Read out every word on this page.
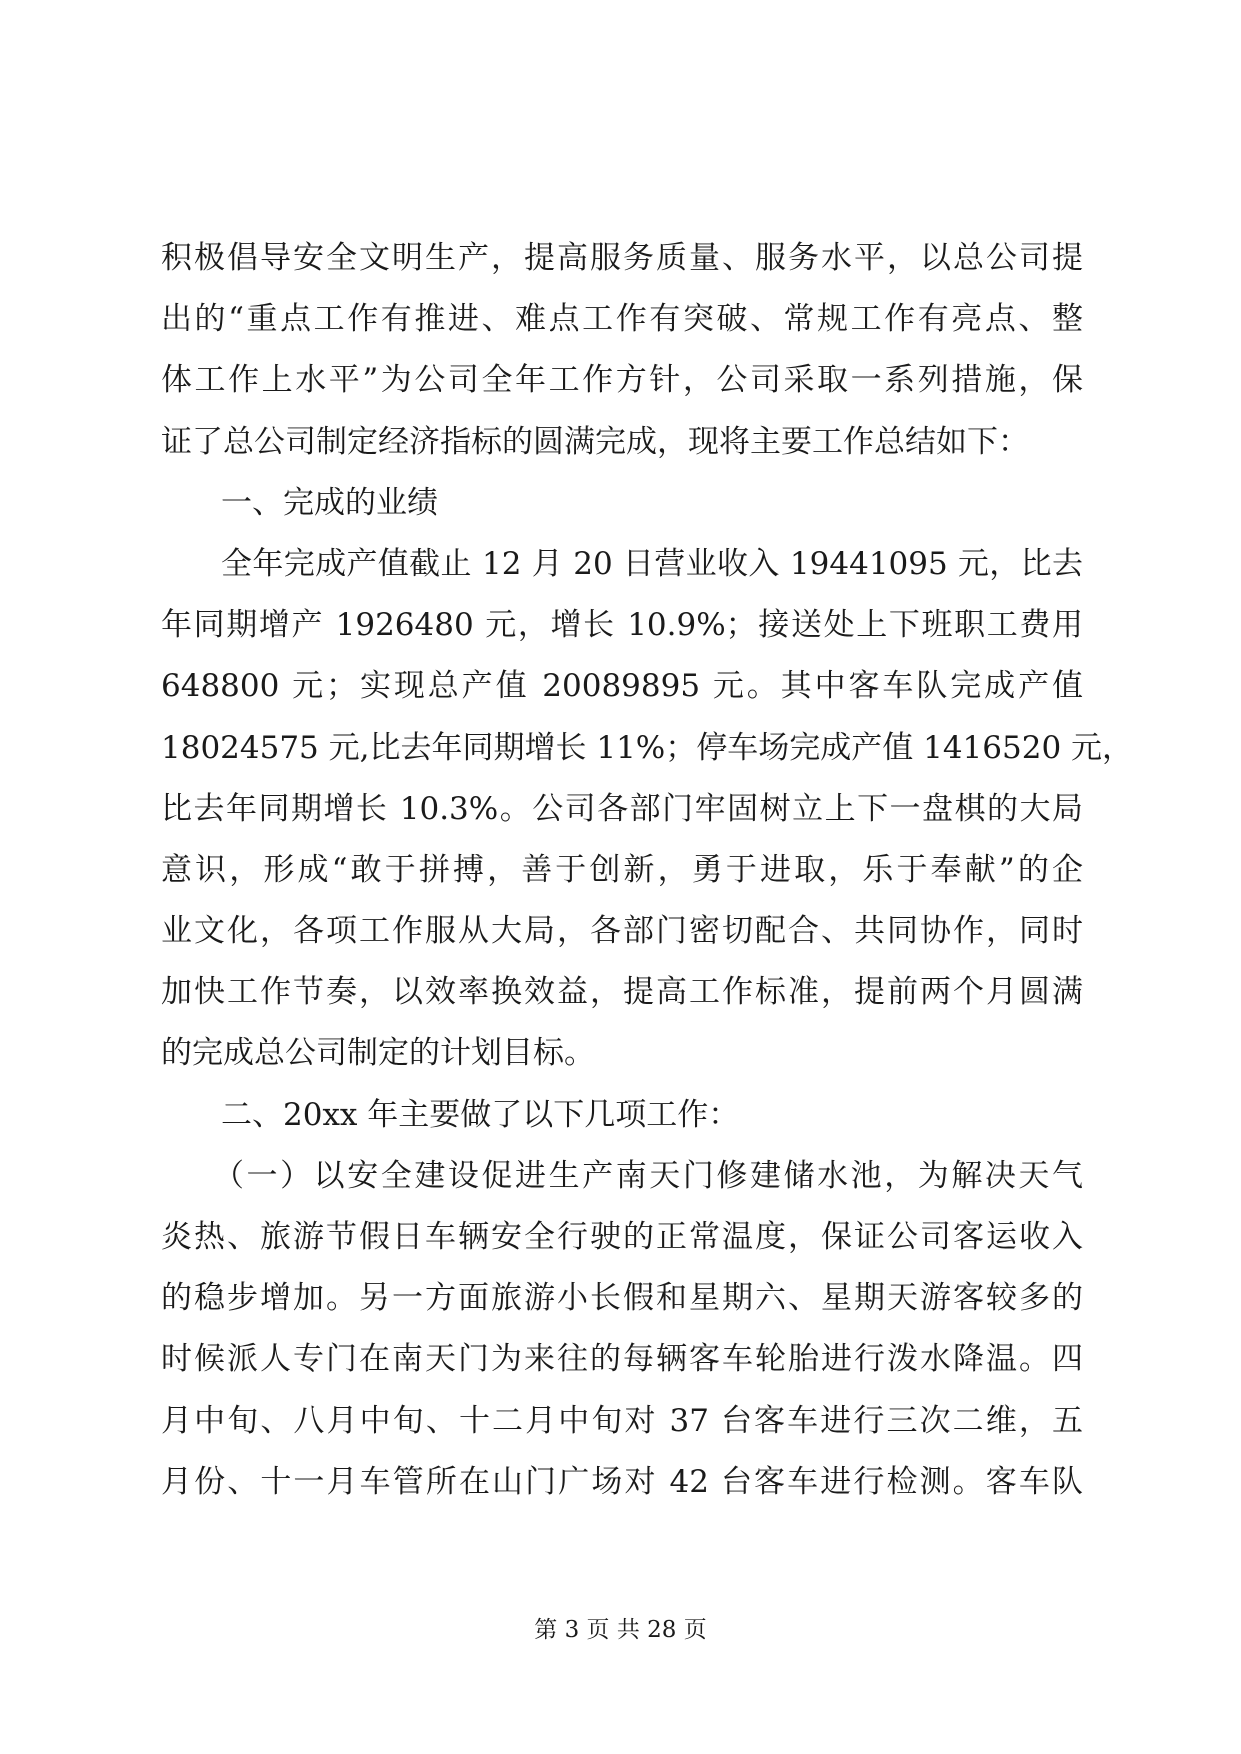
积极倡导安全文明生产，提高服务质量、服务水平，以总公司提
出的“重点工作有推进、难点工作有突破、常规工作有亮点、整
体工作上水平”为公司全年工作方针，公司采取一系列措施，保
证了总公司制定经济指标的圆满完成，现将主要工作总结如下：
一、完成的业绩
全年完成产值截止 12 月 20 日营业收入 19441095 元，比去
年同期增产 1926480 元，增长 10.9%；接送处上下班职工费用
648800 元；实现总产值 20089895 元。其中客车队完成产值
18024575 元,比去年同期增长 11%；停车场完成产值 1416520 元，
比去年同期增长 10.3%。公司各部门牢固树立上下一盘棋的大局
意识，形成“敢于拼搏，善于创新，勇于进取，乐于奉献”的企
业文化，各项工作服从大局，各部门密切配合、共同协作，同时
加快工作节奏，以效率换效益，提高工作标准，提前两个月圆满
的完成总公司制定的计划目标。
二、20xx 年主要做了以下几项工作：
（一）以安全建设促进生产南天门修建储水池，为解决天气
炎热、旅游节假日车辆安全行驶的正常温度，保证公司客运收入
的稳步增加。另一方面旅游小长假和星期六、星期天游客较多的
时候派人专门在南天门为来往的每辆客车轮胎进行泼水降温。四
月中旬、八月中旬、十二月中旬对 37 台客车进行三次二维，五
月份、十一月车管所在山门广场对 42 台客车进行检测。客车队
第 3 页 共 28 页
